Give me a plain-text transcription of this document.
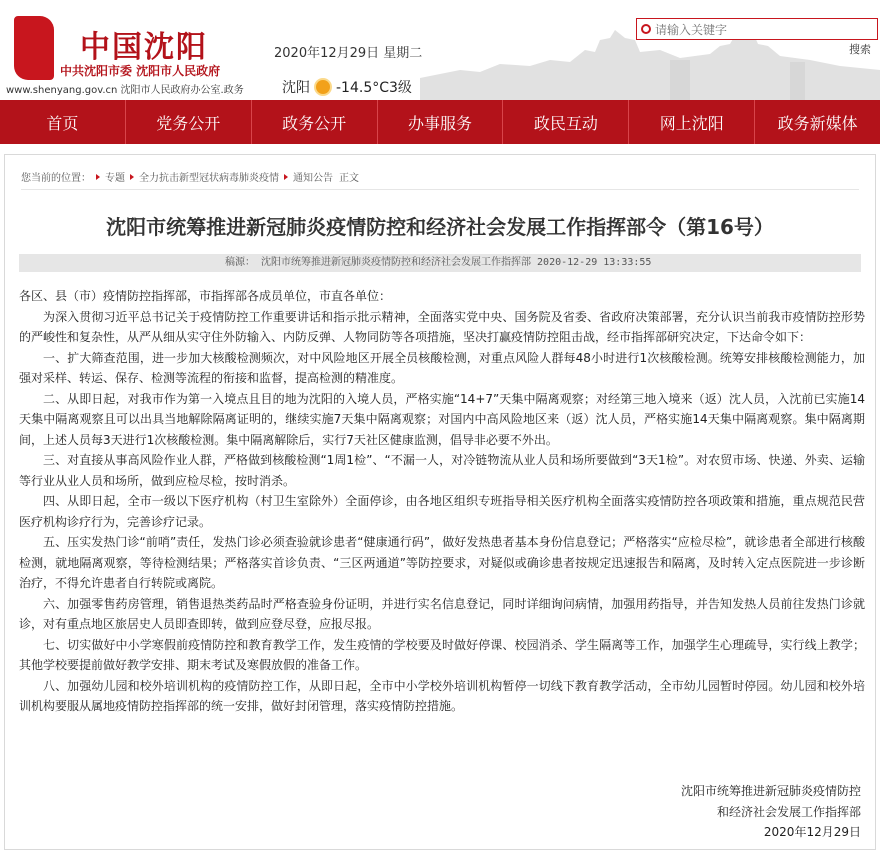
中国沈阳
中共沈阳市委 沈阳市人民政府
www.shenyang.gov.cn 沈阳市人民政府办公室.政务
2020年12月29日 星期二
沈阳 -14.5°C3级
请输入关键字
搜索
首页	党务公开	政务公开	办事服务	政民互动	网上沈阳	政务新媒体
您当前的位置： 专题 全力抗击新型冠状病毒肺炎疫情 通知公告 正文
沈阳市统筹推进新冠肺炎疫情防控和经济社会发展工作指挥部令（第16号）
稿源： 沈阳市统筹推进新冠肺炎疫情防控和经济社会发展工作指挥部 2020-12-29 13:33:55

各区、县（市）疫情防控指挥部，市指挥部各成员单位，市直各单位：

为深入贯彻习近平总书记关于疫情防控工作重要讲话和指示批示精神，全面落实党中央、国务院及省委、省政府决策部署，充分认识当前我市疫情防控形势的严峻性和复杂性，从严从细从实守住外防输入、内防反弹、人物同防等各项措施，坚决打赢疫情防控阻击战，经市指挥部研究决定，下达命令如下：

一、扩大筛查范围，进一步加大核酸检测频次，对中风险地区开展全员核酸检测，对重点风险人群每48小时进行1次核酸检测。统筹安排核酸检测能力，加强对采样、转运、保存、检测等流程的衔接和监督，提高检测的精准度。

二、从即日起，对我市作为第一入境点且目的地为沈阳的入境人员，严格实施“14+7”天集中隔离观察；对经第三地入境来（返）沈人员，入沈前已实施14天集中隔离观察且可以出具当地解除隔离证明的，继续实施7天集中隔离观察；对国内中高风险地区来（返）沈人员，严格实施14天集中隔离观察。集中隔离期间，上述人员每3天进行1次核酸检测。集中隔离解除后，实行7天社区健康监测，倡导非必要不外出。

三、对直接从事高风险作业人群，严格做到核酸检测“1周1检”、“不漏一人，对冷链物流从业人员和场所要做到“3天1检”。对农贸市场、快递、外卖、运输等行业从业人员和场所，做到应检尽检，按时消杀。

四、从即日起，全市一级以下医疗机构（村卫生室除外）全面停诊，由各地区组织专班指导相关医疗机构全面落实疫情防控各项政策和措施，重点规范民营医疗机构诊疗行为，完善诊疗记录。

五、压实发热门诊“前哨”责任，发热门诊必须查验就诊患者“健康通行码”，做好发热患者基本身份信息登记；严格落实“应检尽检”，就诊患者全部进行核酸检测，就地隔离观察，等待检测结果；严格落实首诊负责、“三区两通道”等防控要求，对疑似或确诊患者按规定迅速报告和隔离，及时转入定点医院进一步诊断治疗，不得允许患者自行转院或离院。

六、加强零售药房管理，销售退热类药品时严格查验身份证明，并进行实名信息登记，同时详细询问病情，加强用药指导，并告知发热人员前往发热门诊就诊，对有重点地区旅居史人员即查即转，做到应登尽登，应报尽报。

七、切实做好中小学寒假前疫情防控和教育教学工作，发生疫情的学校要及时做好停课、校园消杀、学生隔离等工作，加强学生心理疏导，实行线上教学；其他学校要提前做好教学安排、期末考试及寒假放假的准备工作。

八、加强幼儿园和校外培训机构的疫情防控工作，从即日起，全市中小学校外培训机构暂停一切线下教育教学活动，全市幼儿园暂时停园。幼儿园和校外培训机构要服从属地疫情防控指挥部的统一安排，做好封闭管理，落实疫情防控措施。

沈阳市统筹推进新冠肺炎疫情防控
和经济社会发展工作指挥部
2020年12月29日
